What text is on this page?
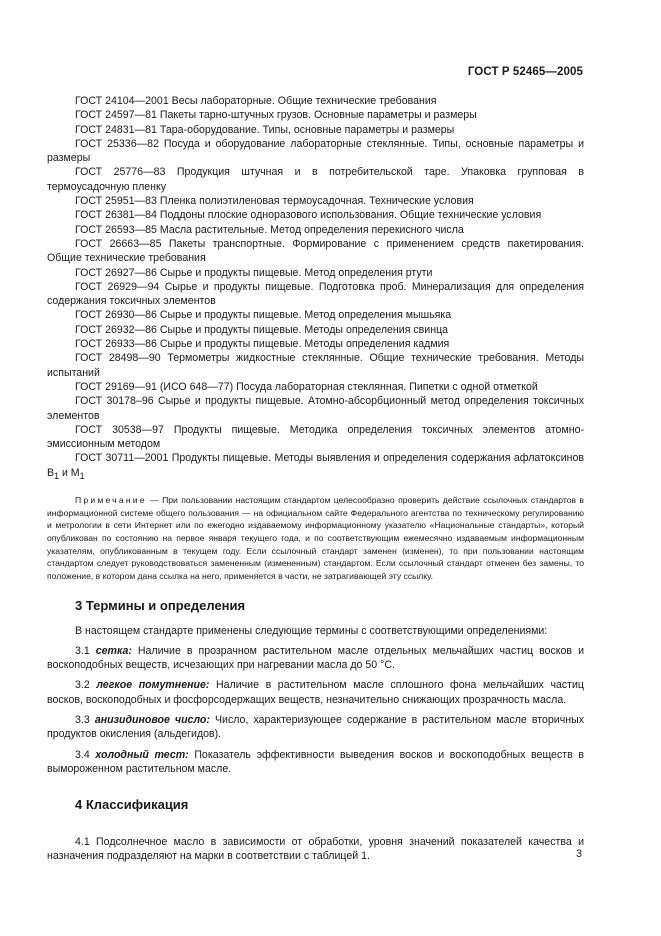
ГОСТ Р 52465—2005

ГОСТ 24104—2001 Весы лабораторные. Общие технические требования

ГОСТ 24597—81 Пакеты тарно-штучных грузов. Основные параметры и размеры

ГОСТ 24831—81 Тара-оборудование. Типы, основные параметры и размеры

ГОСТ 25336—82 Посуда и оборудование лабораторные стеклянные. Типы, основные параметры и размеры

ГОСТ 25776—83 Продукция штучная и в потребительской таре. Упаковка групповая в термоусадочную пленку

ГОСТ 25951—83 Пленка полиэтиленовая термоусадочная. Технические условия

ГОСТ 26381—84 Поддоны плоские одноразового использования. Общие технические условия

ГОСТ 26593—85 Масла растительные. Метод определения перекисного числа

ГОСТ 26663—85 Пакеты транспортные. Формирование с применением средств пакетирования. Общие технические требования

ГОСТ 26927—86 Сырье и продукты пищевые. Метод определения ртути

ГОСТ 26929—94 Сырье и продукты пищевые. Подготовка проб. Минерализация для определения содержания токсичных элементов

ГОСТ 26930—86 Сырье и продукты пищевые. Метод определения мышьяка

ГОСТ 26932—86 Сырье и продукты пищевые. Методы определения свинца

ГОСТ 26933—86 Сырье и продукты пищевые. Методы определения кадмия

ГОСТ 28498—90 Термометры жидкостные стеклянные. Общие технические требования. Методы испытаний

ГОСТ 29169—91 (ИСО 648—77) Посуда лабораторная стеклянная. Пипетки с одной отметкой

ГОСТ 30178–96 Сырье и продукты пищевые. Атомно-абсорбционный метод определения токсичных элементов

ГОСТ 30538—97 Продукты пищевые. Методика определения токсичных элементов атомно-эмиссионным методом

ГОСТ 30711—2001 Продукты пищевые. Методы выявления и определения содержания афлатоксинов $В_1$ и $М_1$

Примечание — При пользовании настоящим стандартом целесообразно проверить действие ссылочных стандартов в информационной системе общего пользования — на официальном сайте Федерального агентства по техническому регулированию и метрологии в сети Интернет или по ежегодно издаваемому информационному указателю «Национальные стандарты», который опубликован по состоянию на первое января текущего года, и по соответствующим ежемесячно издаваемым информационным указателям, опубликованным в текущем году. Если ссылочный стандарт заменен (изменен), то при пользовании настоящим стандартом следует руководствоваться замененным (измененным) стандартом. Если ссылочный стандарт отменен без замены, то положение, в котором дана ссылка на него, применяется в части, не затрагивающей эту ссылку.

3 Термины и определения

В настоящем стандарте применены следующие термины с соответствующими определениями:

3.1 сетка: Наличие в прозрачном растительном масле отдельных мельчайших частиц восков и воскоподобных веществ, исчезающих при нагревании масла до 50 °С.

3.2 легкое помутнение: Наличие в растительном масле сплошного фона мельчайших частиц восков, воскоподобных и фосфорсодержащих веществ, незначительно снижающих прозрачность масла.

3.3 анизидиновое число: Число, характеризующее содержание в растительном масле вторичных продуктов окисления (альдегидов).

3.4 холодный тест: Показатель эффективности выведения восков и воскоподобных веществ в вымороженном растительном масле.

4 Классификация

4.1 Подсолнечное масло в зависимости от обработки, уровня значений показателей качества и назначения подразделяют на марки в соответствии с таблицей 1.	3
